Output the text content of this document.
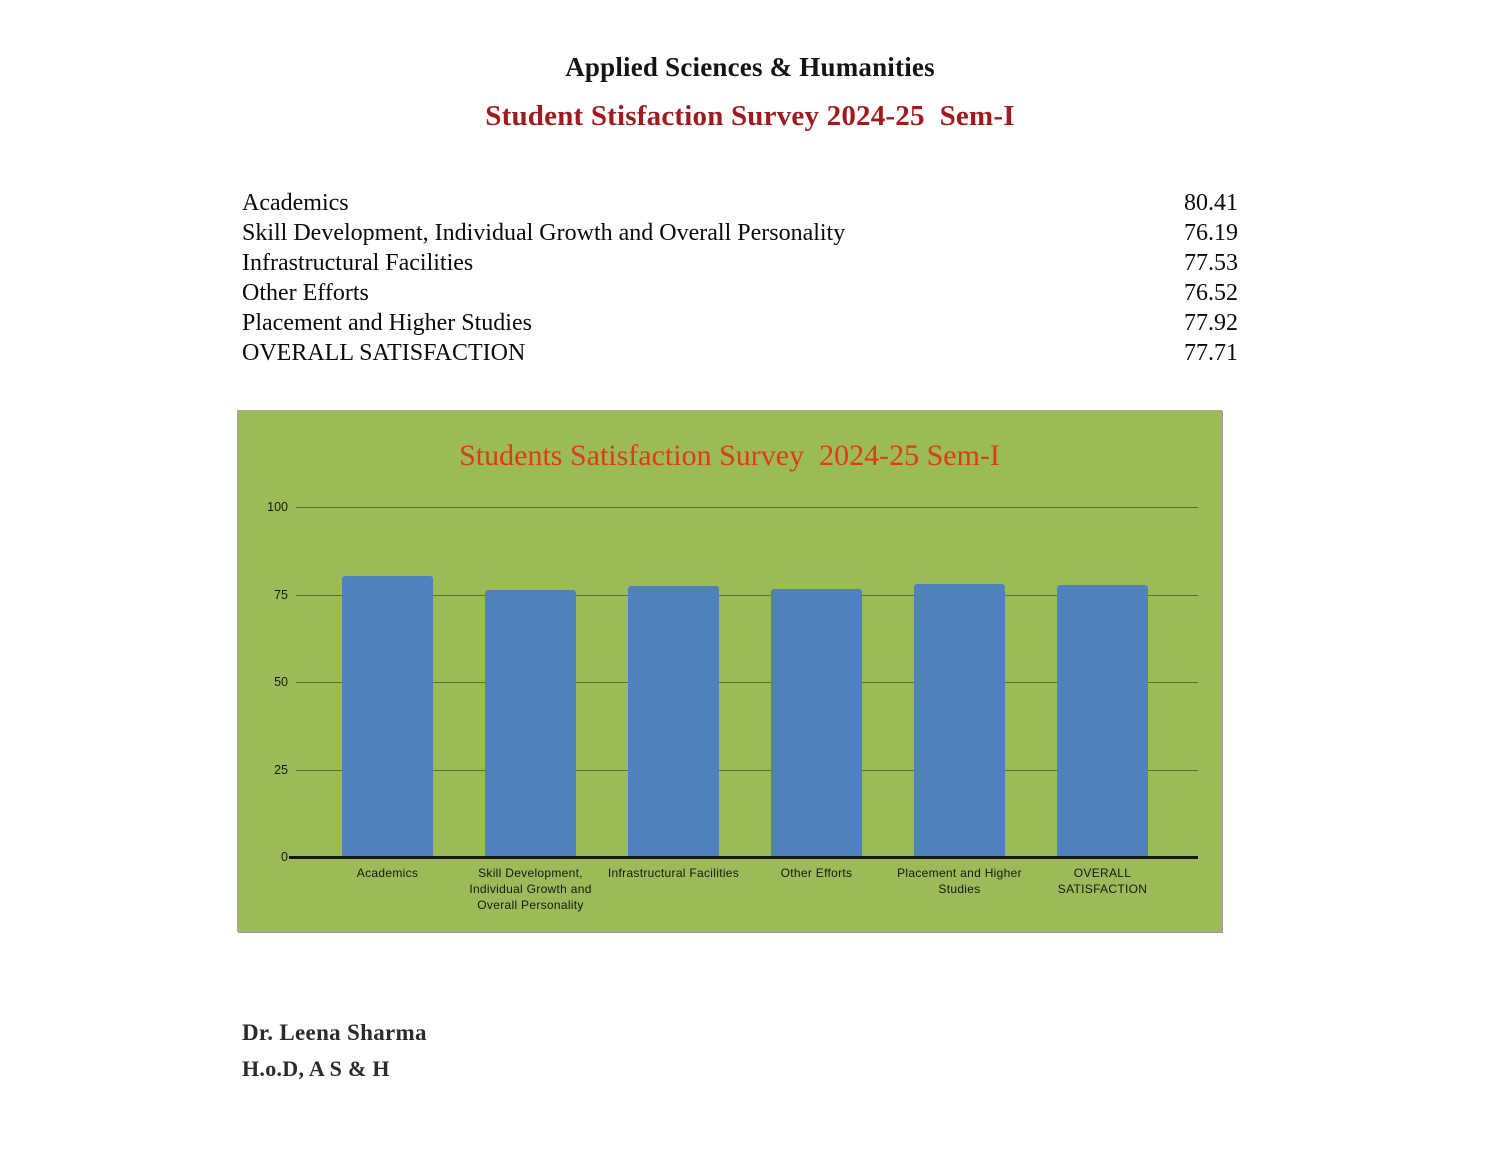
Applied Sciences & Humanities
Student Stisfaction Survey 2024-25  Sem-I
Academics	80.41
Skill Development, Individual Growth and Overall Personality	76.19
Infrastructural Facilities	77.53
Other Efforts	76.52
Placement and Higher Studies	77.92
OVERALL SATISFACTION	77.71
Students Satisfaction Survey  2024-25 Sem-I
Academics	Skill Development, Individual Growth and Overall Personality
Infrastructural Facilities	Other Efforts	Placement and Higher Studies
OVERALL SATISFACTION
100
75
50
25
0
Dr. Leena Sharma
H.o.D, A S & H
